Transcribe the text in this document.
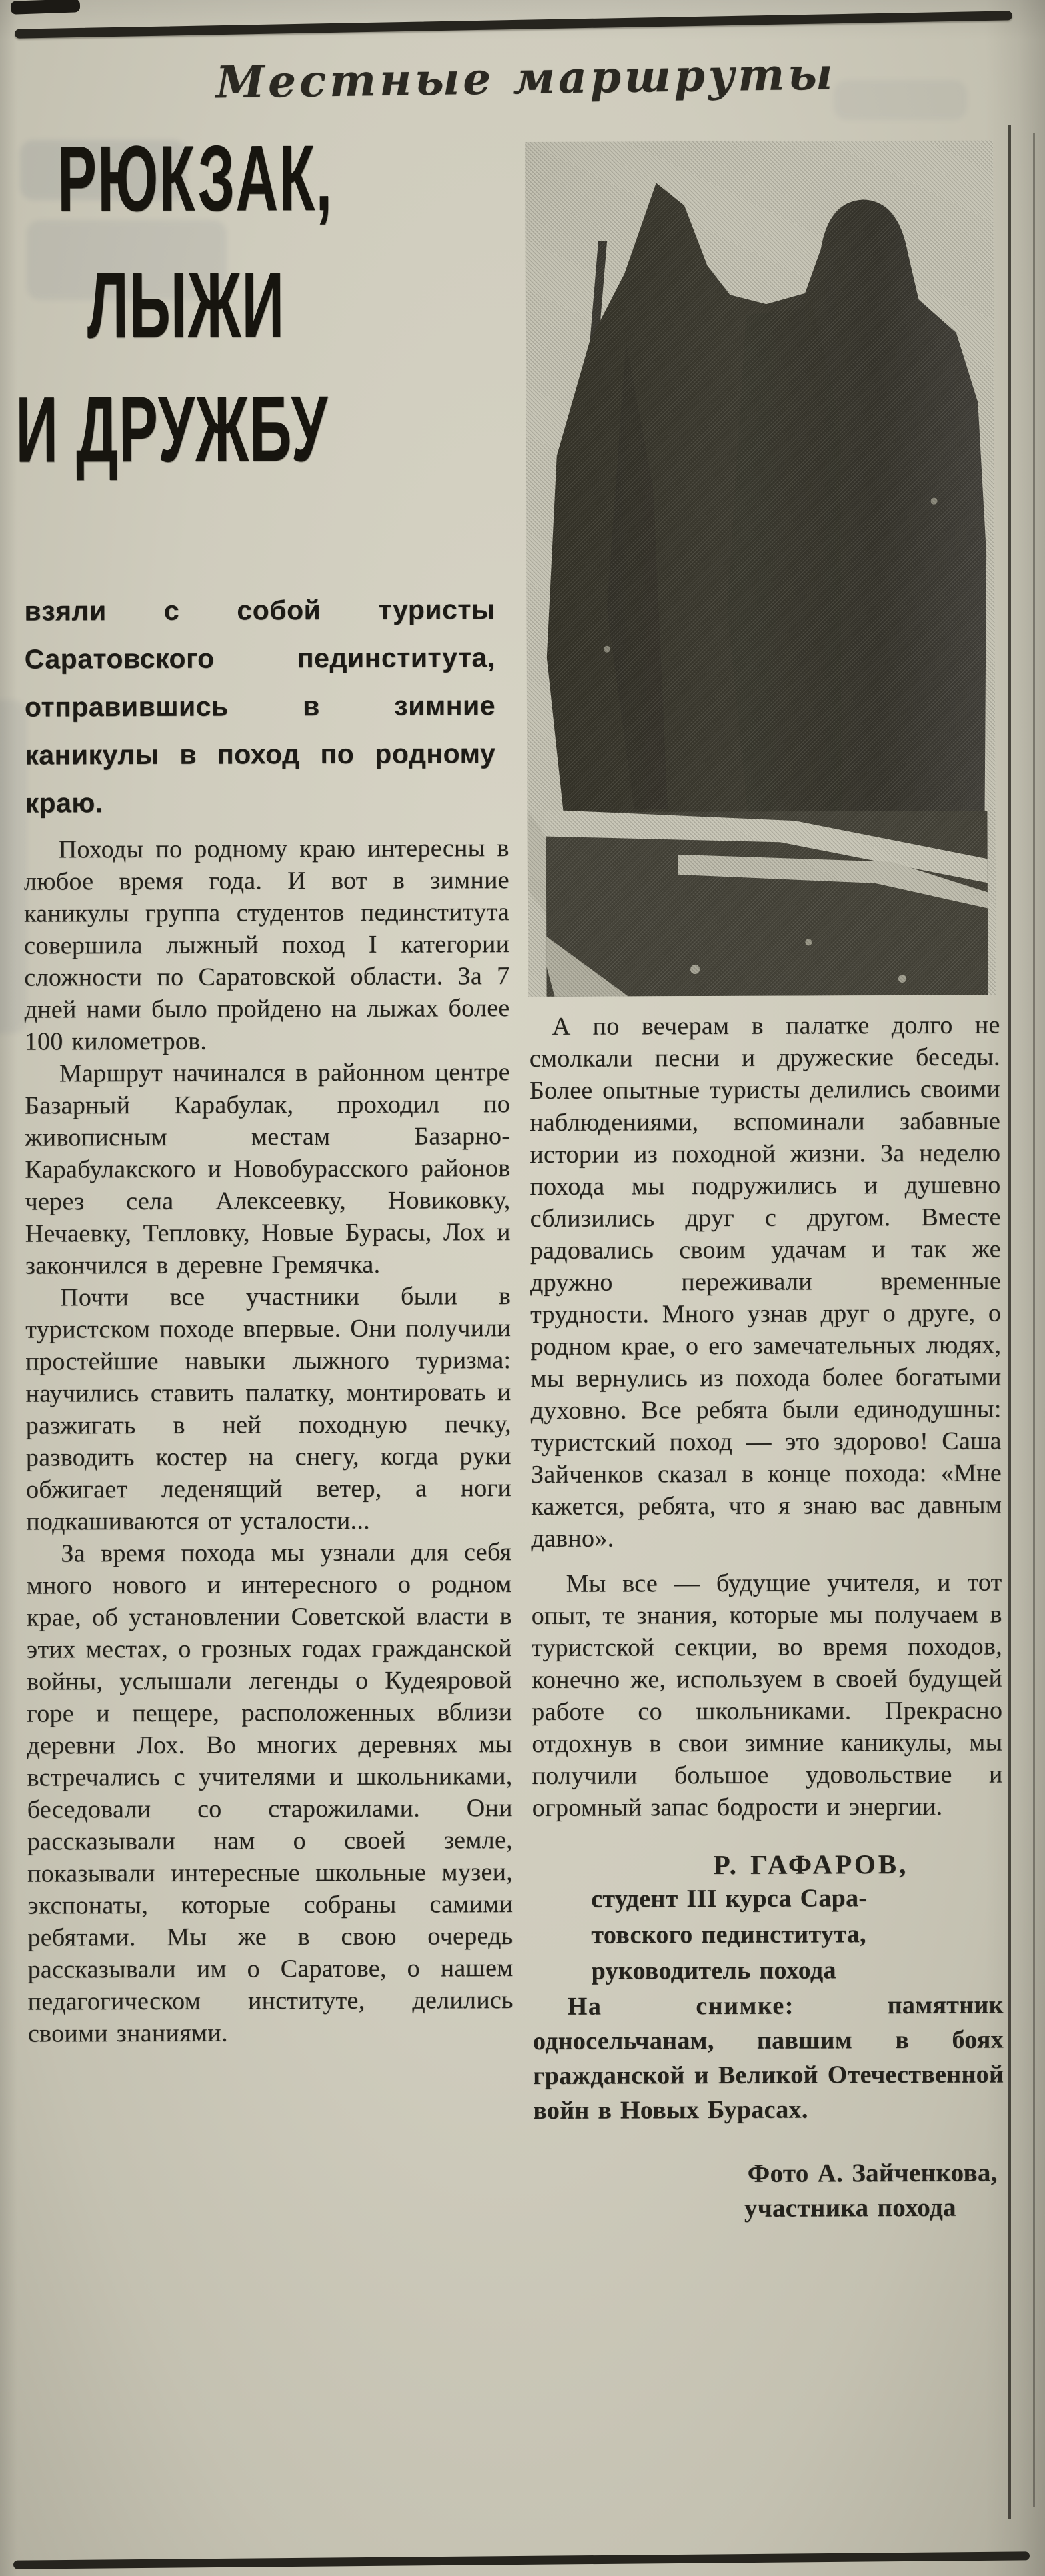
Местные маршруты
РЮКЗАК,
ЛЫЖИ
И ДРУЖБУ
взяли с собой туристы Саратовского пединститута, отправившись в зимние каникулы в поход по родному краю.

Походы по родному краю интересны в любое время года. И вот в зимние каникулы группа студентов пединститута совершила лыжный поход I категории сложности по Саратовской области. За 7 дней нами было пройдено на лыжах более 100 километров.

Маршрут начинался в районном центре Базарный Карабулак, проходил по живописным местам Базарно-Карабулакского и Новобурасского районов через села Алексеевку, Новиковку, Нечаевку, Тепловку, Новые Бурасы, Лох и закончился в деревне Гремячка.

Почти все участники были в туристском походе впервые. Они получили простейшие навыки лыжного туризма: научились ставить палатку, монтировать и разжигать в ней походную печку, разводить костер на снегу, когда руки обжигает леденящий ветер, а ноги подкашиваются от усталости...

За время похода мы узнали для себя много нового и интересного о родном крае, об установлении Советской власти в этих местах, о грозных годах гражданской войны, услышали легенды о Кудеяровой горе и пещере, расположенных вблизи деревни Лох. Во многих деревнях мы встречались с учителями и школьниками, беседовали со старожилами. Они рассказывали нам о своей земле, показывали интересные школьные музеи, экспонаты, которые собраны самими ребятами. Мы же в свою очередь рассказывали им о Саратове, о нашем педагогическом институте, делились своими знаниями.

А по вечерам в палатке долго не смолкали песни и дружеские беседы. Более опытные туристы делились своими наблюдениями, вспоминали забавные истории из походной жизни. За неделю похода мы подружились и душевно сблизились друг с другом. Вместе радовались своим удачам и так же дружно переживали временные трудности. Много узнав друг о друге, о родном крае, о его замечательных людях, мы вернулись из похода более богатыми духовно. Все ребята были единодушны: туристский поход — это здорово! Саша Зайченков сказал в конце похода: «Мне кажется, ребята, что я знаю вас давным давно».

Мы все — будущие учителя, и тот опыт, те знания, которые мы получаем в туристской секции, во время походов, конечно же, используем в своей будущей работе со школьниками. Прекрасно отдохнув в свои зимние каникулы, мы получили большое удовольствие и огромный запас бодрости и энергии.

Р. ГАФАРОВ,
студент III курса Сара-
товского пединститута,
руководитель похода

На снимке: памятник односельчанам, павшим в боях гражданской и Великой Отечественной войн в Новых Бурасах.

Фото А. Зайченкова,
участника похода
